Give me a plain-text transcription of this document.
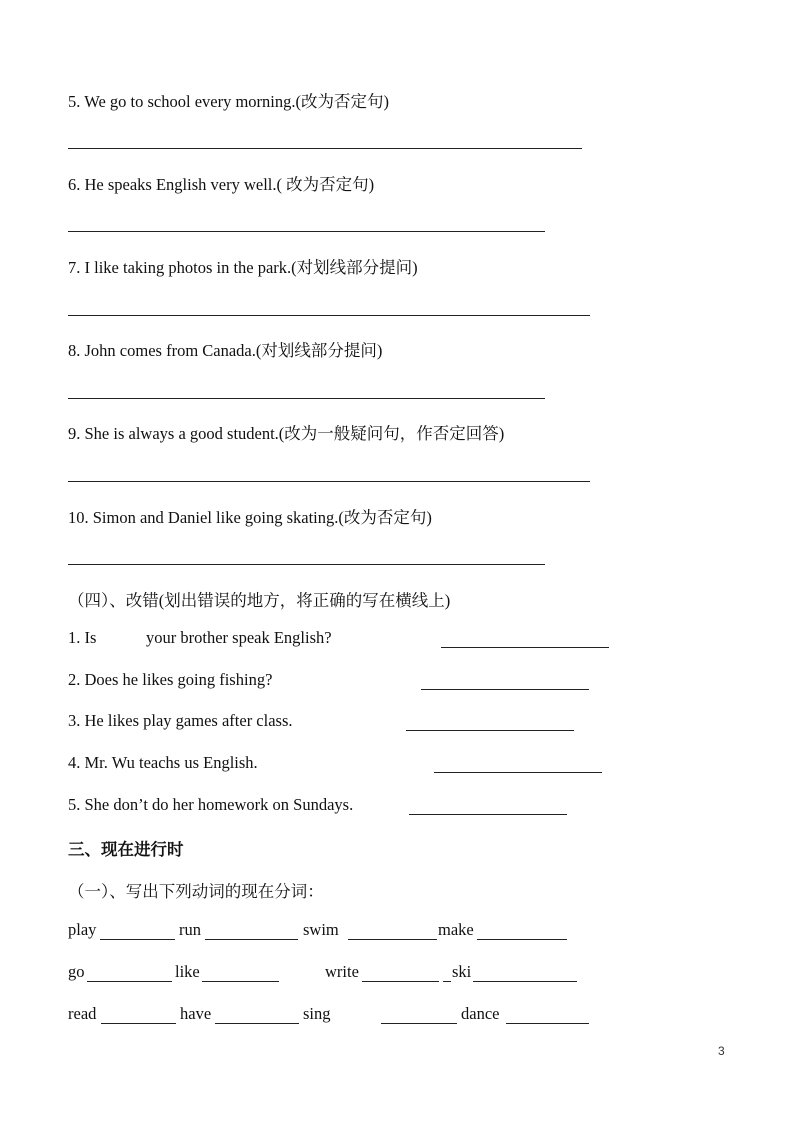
5. We go to school every morning.(改为否定句)
6. He speaks English very well.( 改为否定句)
7. I like taking photos in the park.(对划线部分提问)
8. John comes from Canada.(对划线部分提问)
9. She is always a good student.(改为一般疑问句，作否定回答)
10. Simon and Daniel like going skating.(改为否定句)
（四）、改错(划出错误的地方，将正确的写在横线上)
1. Is	your brother speak English?
2. Does he likes going fishing?
3. He likes play games after class.
4. Mr. Wu teachs us English.
5. She don’t do her homework on Sundays.
三、现在进行时
（一）、写出下列动词的现在分词：
play	run	swim	make
go	like	write	ski
read	have	sing	dance
3
